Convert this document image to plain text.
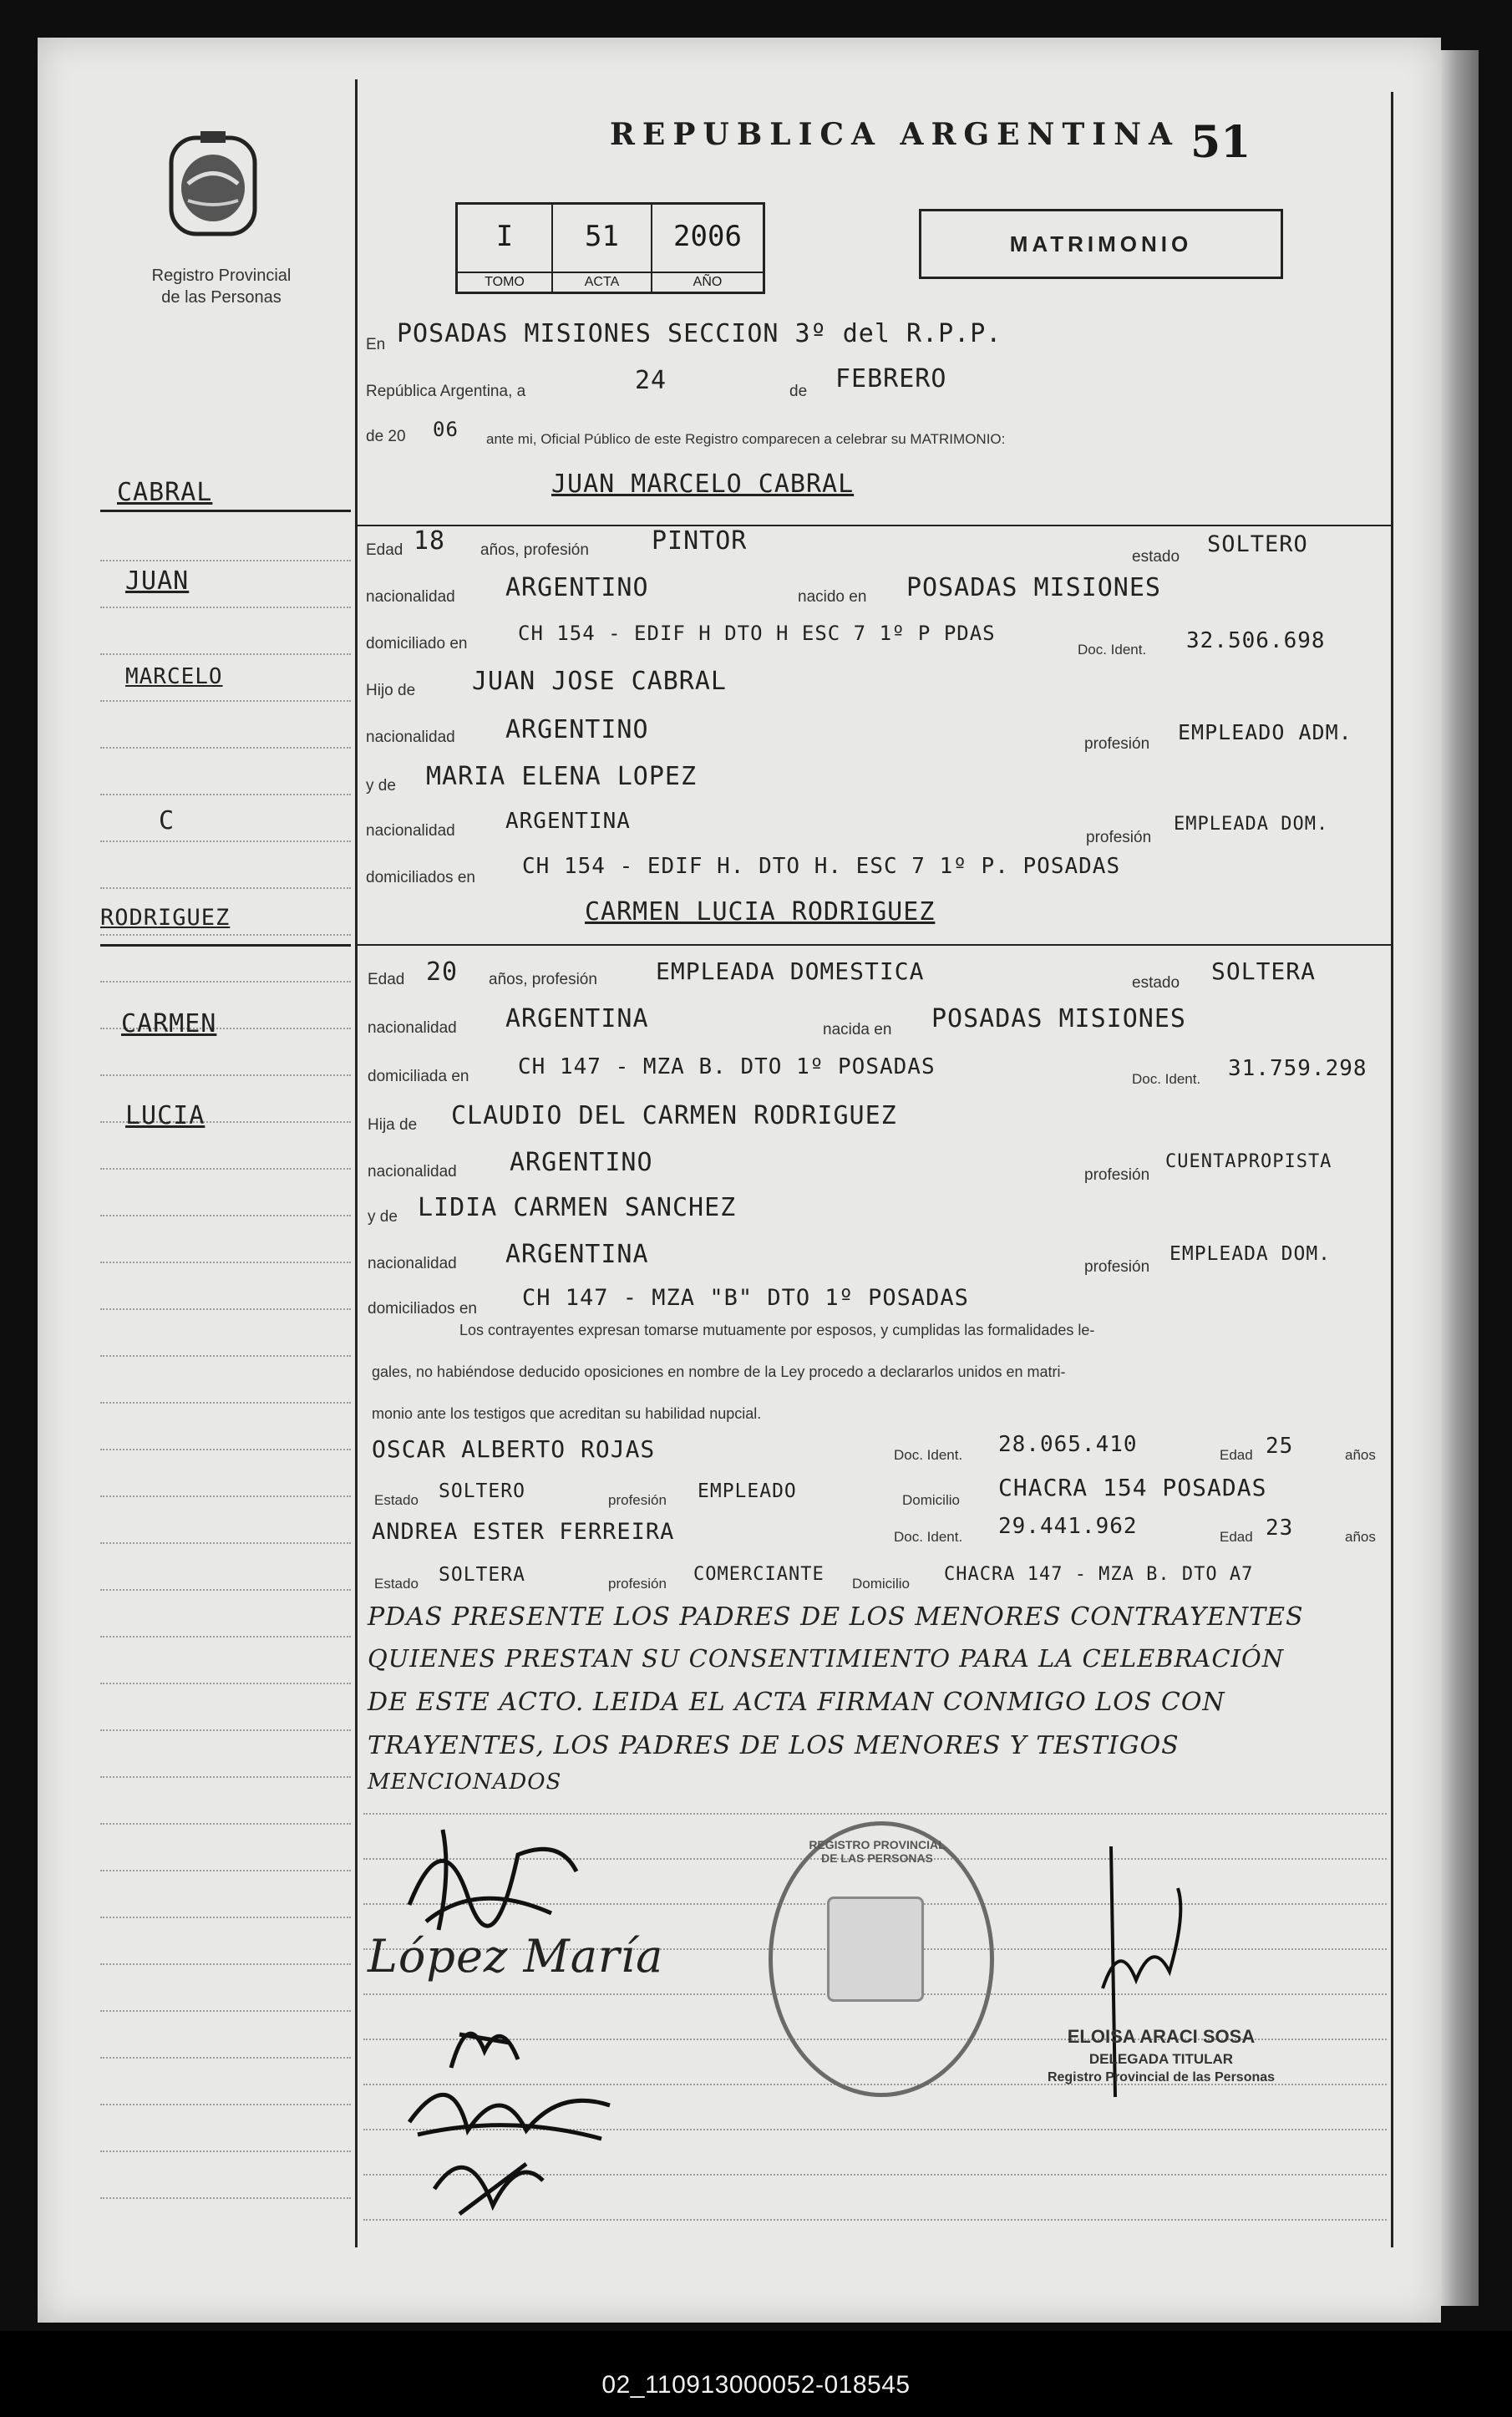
Registro Provincial
de las Personas
REPUBLICA ARGENTINA 51
I
TOMO
51
ACTA
2006
AÑO
MATRIMONIO
CABRAL
JUAN
MARCELO
C
RODRIGUEZ
CARMEN
LUCIA
En POSADAS MISIONES SECCION 3º del R.P.P.
República Argentina, a	24	de FEBRERO
de 20 06 ante mi, Oficial Público de este Registro comparecen a celebrar su MATRIMONIO:
JUAN MARCELO CABRAL
Edad 18 años, profesión	PINTOR
estado SOLTERO
nacionalidad ARGENTINO	nacido en POSADAS MISIONES
domiciliado en	CH 154 - EDIF H DTO H ESC 7 1º P PDAS
Doc. Ident. 32.506.698
Hijo de JUAN JOSE CABRAL
nacionalidad ARGENTINO	profesión EMPLEADO ADM.
y de MARIA ELENA LOPEZ
nacionalidad ARGENTINA
profesión
EMPLEADA DOM.
domiciliados en CH 154 - EDIF H. DTO H. ESC 7 1º P. POSADAS
CARMEN LUCIA RODRIGUEZ
Edad 20 años, profesión	EMPLEADA DOMESTICA	estado SOLTERA
nacionalidad ARGENTINA	nacida en POSADAS MISIONES
domiciliada en CH 147 - MZA B. DTO 1º POSADAS	Doc. Ident. 31.759.298
Hija de CLAUDIO DEL CARMEN RODRIGUEZ
nacionalidad ARGENTINO	profesión
CUENTAPROPISTA
y de LIDIA CARMEN SANCHEZ
nacionalidad ARGENTINA	profesión
EMPLEADA DOM.
domiciliados en CH 147 - MZA "B" DTO 1º POSADAS
Los contrayentes expresan tomarse mutuamente por esposos, y cumplidas las formalidades le-
gales, no habiéndose deducido oposiciones en nombre de la Ley procedo a declararlos unidos en matri-
monio ante los testigos que acreditan su habilidad nupcial.
OSCAR ALBERTO ROJAS	Doc. Ident. 28.065.410	Edad 25	años
Estado SOLTERO	profesión EMPLEADO	Domicilio CHACRA 154 POSADAS
ANDREA ESTER FERREIRA	Doc. Ident. 29.441.962	Edad 23	años
Estado SOLTERA	profesión COMERCIANTE Domicilio CHACRA 147 - MZA B. DTO A7
PDAS PRESENTE LOS PADRES DE LOS MENORES CONTRAYENTES
QUIENES PRESTAN SU CONSENTIMIENTO PARA LA CELEBRACIÓN
DE ESTE ACTO. LEIDA EL ACTA FIRMAN CONMIGO LOS CON
TRAYENTES, LOS PADRES DE LOS MENORES Y TESTIGOS
MENCIONADOS
López María
REGISTRO PROVINCIAL DE LAS PERSONAS
ELOISA ARACI SOSA
DELEGADA TITULAR
Registro Provincial de las Personas
02_110913000052-018545
